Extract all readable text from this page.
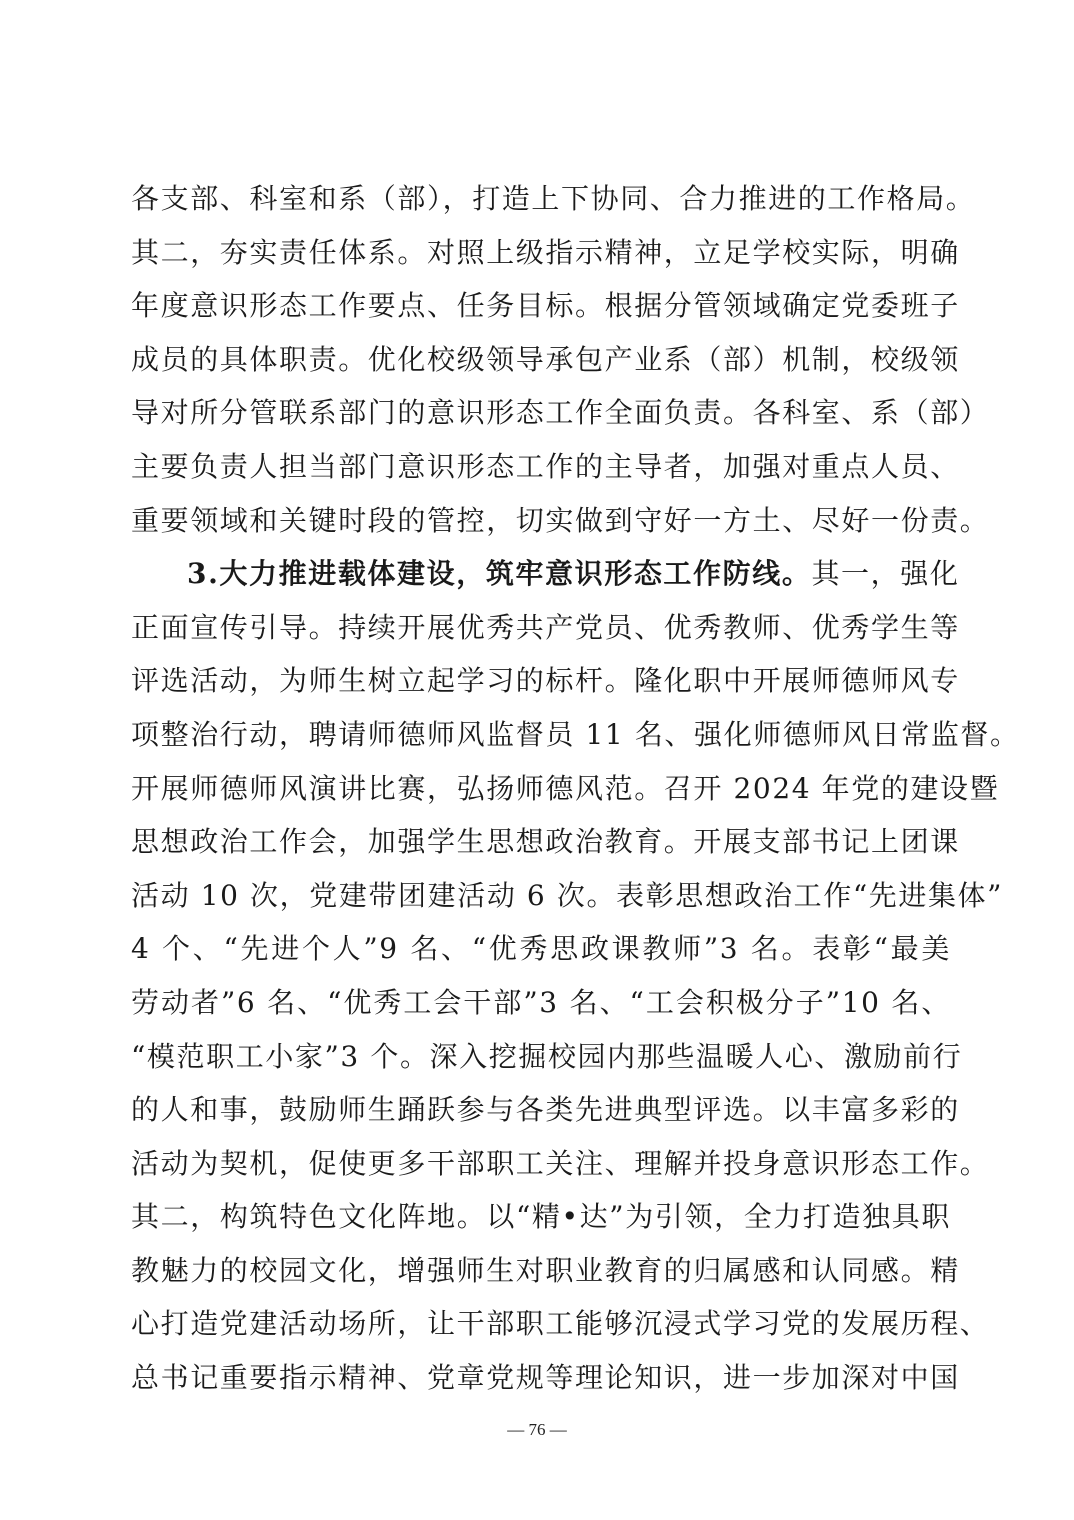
各支部、科室和系（部），打造上下协同、合力推进的工作格局。
其二，夯实责任体系。对照上级指示精神，立足学校实际，明确
年度意识形态工作要点、任务目标。根据分管领域确定党委班子
成员的具体职责。优化校级领导承包产业系（部）机制，校级领
导对所分管联系部门的意识形态工作全面负责。各科室、系（部）
主要负责人担当部门意识形态工作的主导者，加强对重点人员、
重要领域和关键时段的管控，切实做到守好一方土、尽好一份责。
3.大力推进载体建设，筑牢意识形态工作防线。其一，强化
正面宣传引导。持续开展优秀共产党员、优秀教师、优秀学生等
评选活动，为师生树立起学习的标杆。隆化职中开展师德师风专
项整治行动，聘请师德师风监督员 11 名、强化师德师风日常监督。
开展师德师风演讲比赛，弘扬师德风范。召开 2024 年党的建设暨
思想政治工作会，加强学生思想政治教育。开展支部书记上团课
活动 10 次，党建带团建活动 6 次。表彰思想政治工作“先进集体”
4 个、“先进个人”9 名、“优秀思政课教师”3 名。表彰“最美
劳动者”6 名、“优秀工会干部”3 名、“工会积极分子”10 名、
“模范职工小家”3 个。深入挖掘校园内那些温暖人心、激励前行
的人和事，鼓励师生踊跃参与各类先进典型评选。以丰富多彩的
活动为契机，促使更多干部职工关注、理解并投身意识形态工作。
其二，构筑特色文化阵地。以“精•达”为引领，全力打造独具职
教魅力的校园文化，增强师生对职业教育的归属感和认同感。精
心打造党建活动场所，让干部职工能够沉浸式学习党的发展历程、
总书记重要指示精神、党章党规等理论知识，进一步加深对中国
— 76 —
